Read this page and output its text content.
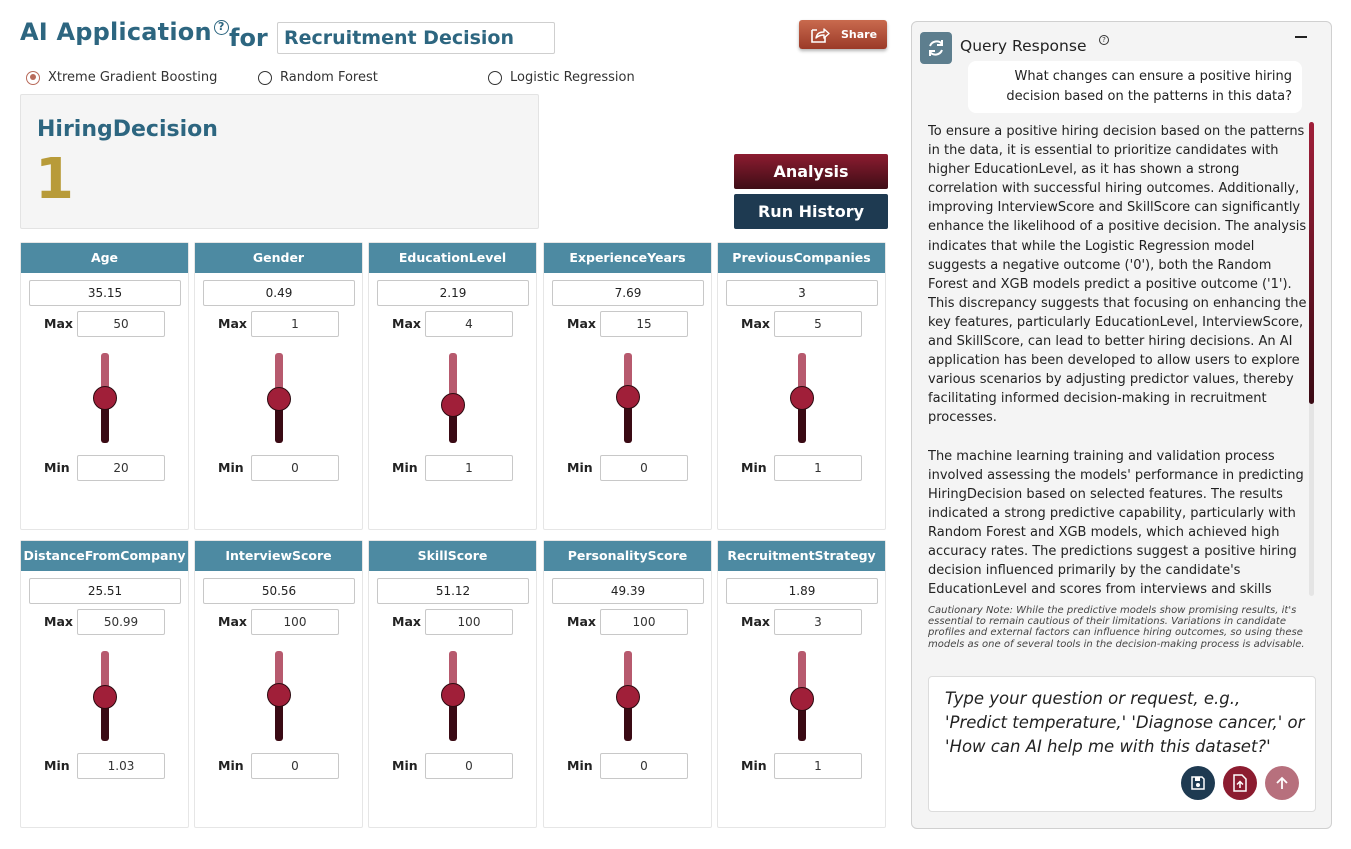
AI Application ? for
Recruitment Decision	Share
Xtreme Gradient Boosting	Random Forest	Logistic Regression
HiringDecision
1	Analysis
Run History
Age
35.15
Max	50
Min	20
Gender
0.49
Max	1
Min	0
EducationLevel
2.19
Max	4
Min	1
ExperienceYears
7.69
Max	15
Min	0
PreviousCompanies
3
Max	5
Min	1
DistanceFromCompany
25.51
Max	50.99
Min	1.03
InterviewScore
50.56
Max	100
Min	0
SkillScore
51.12
Max	100
Min	0
PersonalityScore
49.39
Max	100
Min	0
RecruitmentStrategy
1.89
Max	3
Min	1
Query Response	?
What changes can ensure a positive hiring decision based on the patterns in this data?

To ensure a positive hiring decision based on the patterns in the data, it is essential to prioritize candidates with higher EducationLevel, as it has shown a strong correlation with successful hiring outcomes. Additionally, improving InterviewScore and SkillScore can significantly enhance the likelihood of a positive decision. The analysis indicates that while the Logistic Regression model suggests a negative outcome ('0'), both the Random Forest and XGB models predict a positive outcome ('1'). This discrepancy suggests that focusing on enhancing the key features, particularly EducationLevel, InterviewScore, and SkillScore, can lead to better hiring decisions. An AI application has been developed to allow users to explore various scenarios by adjusting predictor values, thereby facilitating informed decision-making in recruitment processes.

The machine learning training and validation process involved assessing the models' performance in predicting HiringDecision based on selected features. The results indicated a strong predictive capability, particularly with Random Forest and XGB models, which achieved high accuracy rates. The predictions suggest a positive hiring decision influenced primarily by the candidate's EducationLevel and scores from interviews and skills

Cautionary Note: While the predictive models show promising results, it's essential to remain cautious of their limitations. Variations in candidate profiles and external factors can influence hiring outcomes, so using these models as one of several tools in the decision-making process is advisable.
Type your question or request, e.g., 'Predict temperature,' 'Diagnose cancer,' or 'How can AI help me with this dataset?'
